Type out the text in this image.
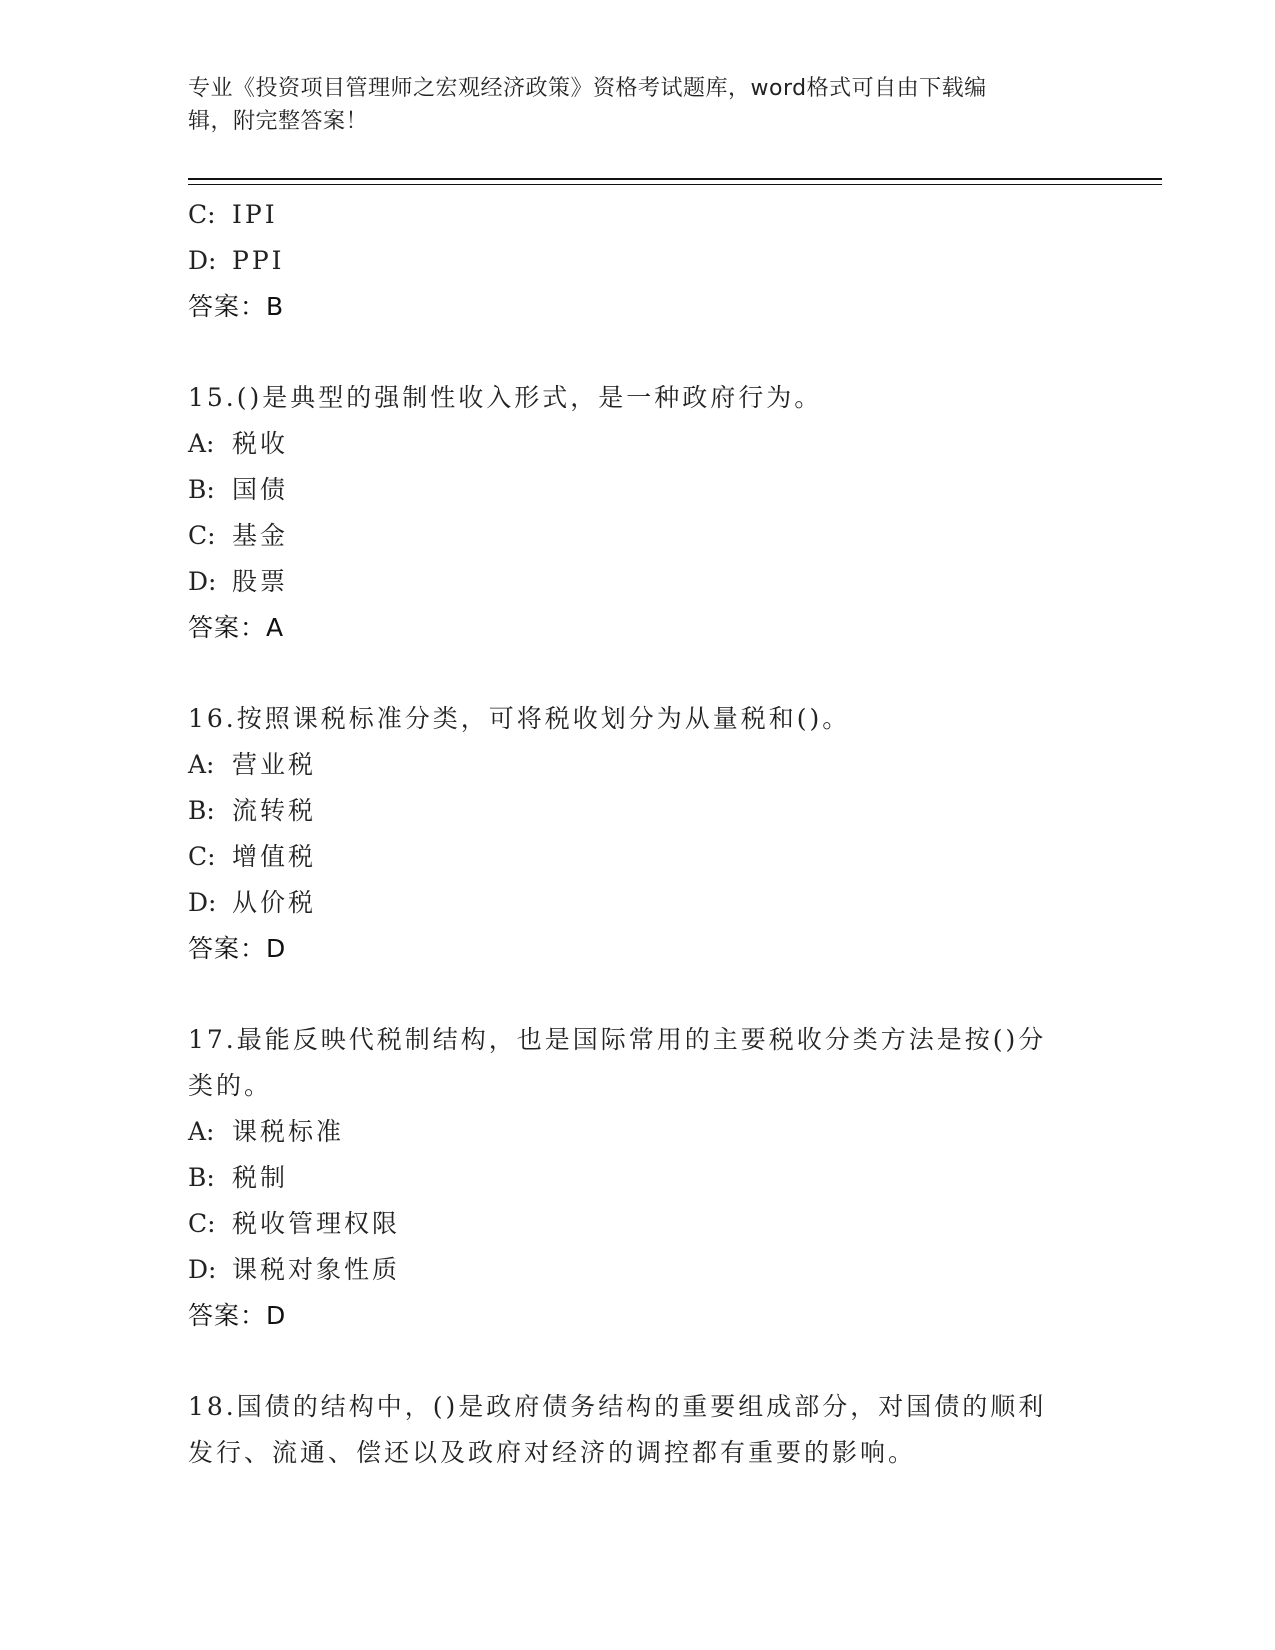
专业《投资项目管理师之宏观经济政策》资格考试题库，word格式可自由下载编
辑，附完整答案！
C: IPI
D: PPI
答案：B
15.()是典型的强制性收入形式，是一种政府行为。
A: 税收
B: 国债
C: 基金
D: 股票
答案：A
16.按照课税标准分类，可将税收划分为从量税和()。
A: 营业税
B: 流转税
C: 增值税
D: 从价税
答案：D
17.最能反映代税制结构，也是国际常用的主要税收分类方法是按()分
类的。
A: 课税标准
B: 税制
C: 税收管理权限
D: 课税对象性质
答案：D
18.国债的结构中，()是政府债务结构的重要组成部分，对国债的顺利
发行、流通、偿还以及政府对经济的调控都有重要的影响。
